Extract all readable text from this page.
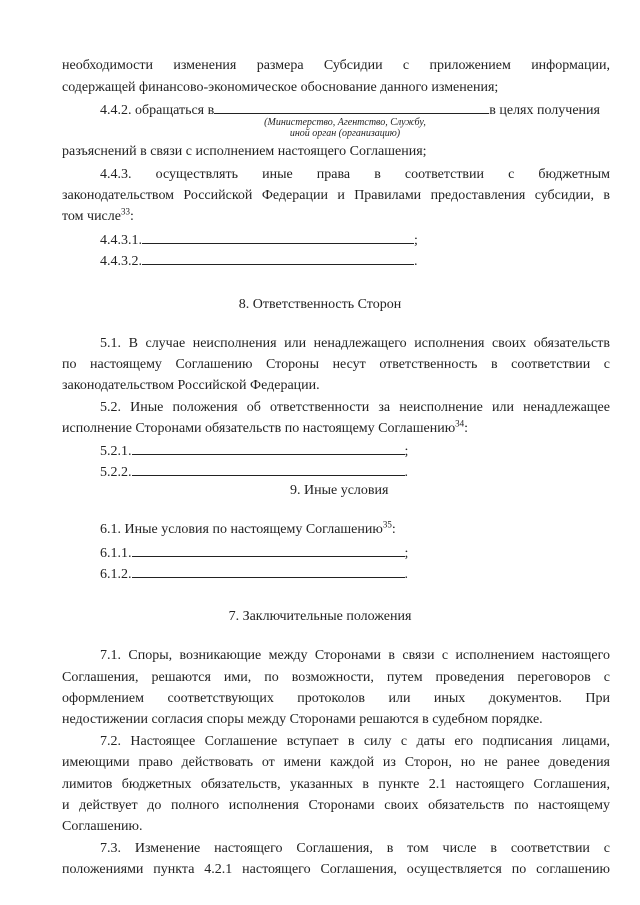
необходимости изменения размера Субсидии с приложением информации,
содержащей финансово-экономическое обоснование данного изменения;
4.4.2. обращаться в	в целях получения
(Министерство, Агентство, Службу,
иной орган (организацию)
разъяснений в связи с исполнением настоящего Соглашения;
4.4.3. осуществлять иные права в соответствии с бюджетным
законодательством Российской Федерации и Правилами предоставления субсидии, в
том числе$^{33}$:
4.4.3.1.	;
4.4.3.2.	.
8. Ответственность Сторон
5.1. В случае неисполнения или ненадлежащего исполнения своих обязательств
по настоящему Соглашению Стороны несут ответственность в соответствии с
законодательством Российской Федерации.
5.2. Иные положения об ответственности за неисполнение или ненадлежащее
исполнение Сторонами обязательств по настоящему Соглашению$^{34}$:
5.2.1.	;
5.2.2.	.
9. Иные условия
6.1. Иные условия по настоящему Соглашению$^{35}$:
6.1.1.	;
6.1.2.	.
7. Заключительные положения
7.1. Споры, возникающие между Сторонами в связи с исполнением настоящего
Соглашения, решаются ими, по возможности, путем проведения переговоров с
оформлением соответствующих протоколов или иных документов. При
недостижении согласия споры между Сторонами решаются в судебном порядке.
7.2. Настоящее Соглашение вступает в силу с даты его подписания лицами,
имеющими право действовать от имени каждой из Сторон, но не ранее доведения
лимитов бюджетных обязательств, указанных в пункте 2.1 настоящего Соглашения,
и действует до полного исполнения Сторонами своих обязательств по настоящему
Соглашению.
7.3. Изменение настоящего Соглашения, в том числе в соответствии с
положениями пункта 4.2.1 настоящего Соглашения, осуществляется по соглашению
